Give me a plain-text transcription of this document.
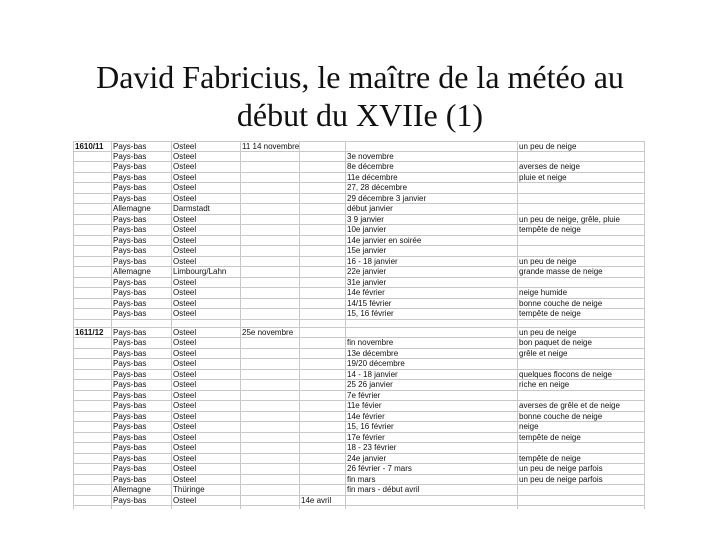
David Fabricius, le maître de la météo au
début du XVIIe (1)
1610/11	Pays-bas	Osteel	11 14 novembre	un peu de neige
Pays-bas	Osteel	3e novembre
Pays-bas	Osteel	8e décembre	averses de neige
Pays-bas	Osteel	11e décembre	pluie et neige
Pays-bas	Osteel	27, 28 décembre
Pays-bas	Osteel	29 décembre 3 janvier
Allemagne	Darmstadt	début janvier
Pays-bas	Osteel	3 9 janvier	un peu de neige, grêle, pluie
Pays-bas	Osteel	10e janvier	tempête de neige
Pays-bas	Osteel	14e janvier en soirée
Pays-bas	Osteel	15e janvier
Pays-bas	Osteel	16 - 18 janvier	un peu de neige
Allemagne	Limbourg/Lahn	22e janvier	grande masse de neige
Pays-bas	Osteel	31e janvier
Pays-bas	Osteel	14e février	neige humide
Pays-bas	Osteel	14/15 février	bonne couche de neige
Pays-bas	Osteel	15, 16 février	tempête de neige
1611/12	Pays-bas	Osteel	25e novembre	un peu de neige
Pays-bas	Osteel	fin novembre	bon paquet de neige
Pays-bas	Osteel	13e décembre	grêle et neige
Pays-bas	Osteel	19/20 décembre
Pays-bas	Osteel	14 - 18 janvier	quelques flocons de neige
Pays-bas	Osteel	25 26 janvier	riche en neige
Pays-bas	Osteel	7e février
Pays-bas	Osteel	11e févier	averses de grêle et de neige
Pays-bas	Osteel	14e février	bonne couche de neige
Pays-bas	Osteel	15, 16 février	neige
Pays-bas	Osteel	17e février	tempête de neige
Pays-bas	Osteel	18 - 23 février
Pays-bas	Osteel	24e janvier	tempête de neige
Pays-bas	Osteel	26 février - 7 mars	un peu de neige parfois
Pays-bas	Osteel	fin mars	un peu de neige parfois
Allemagne	Thüringe	fin mars - début avril
Pays-bas	Osteel	14e avril
